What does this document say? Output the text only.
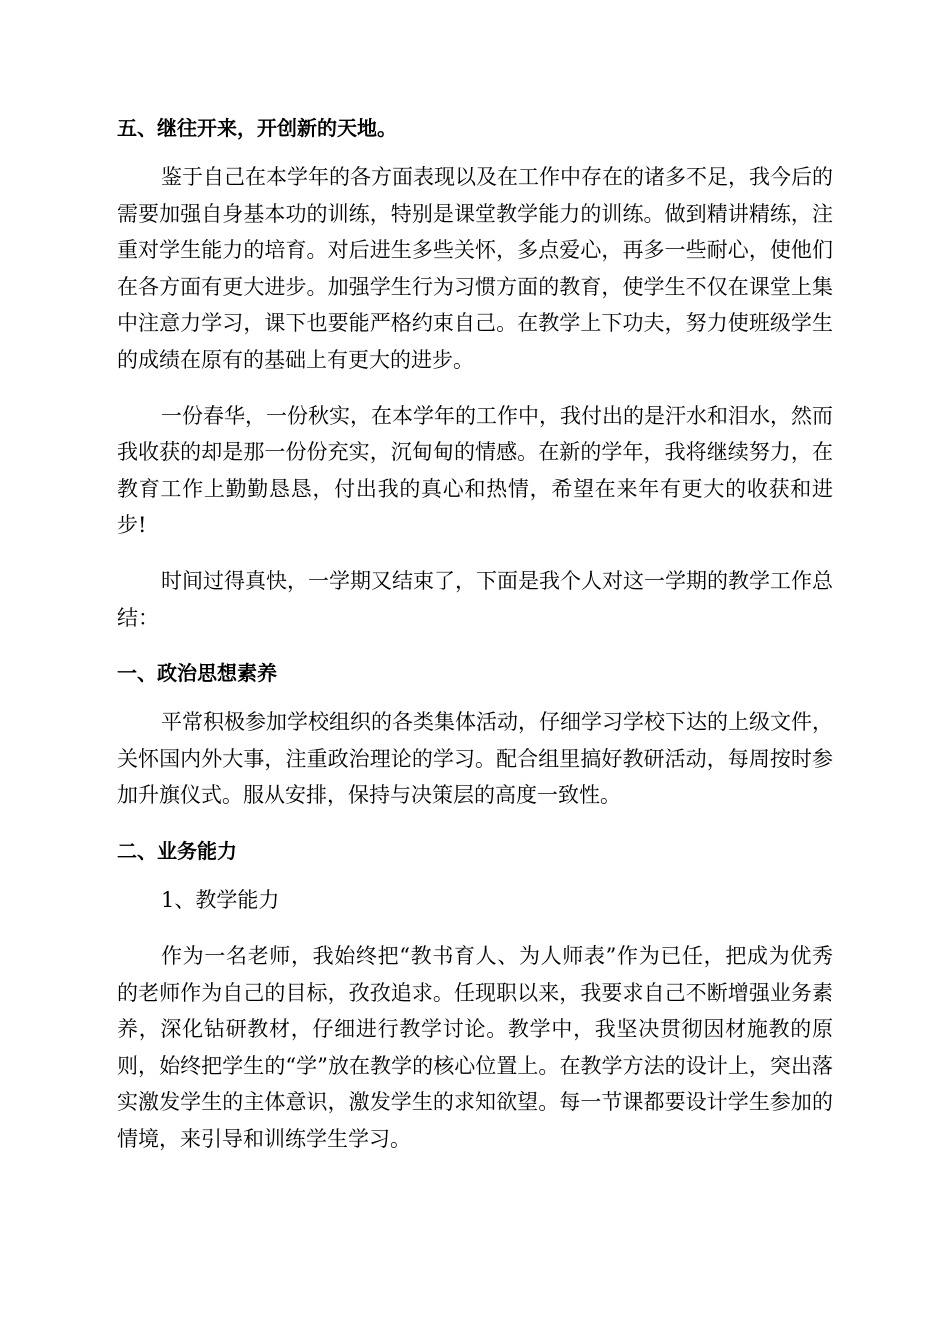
五、继往开来，开创新的天地。

鉴于自己在本学年的各方面表现以及在工作中存在的诸多不足，我今后的需要加强自身基本功的训练，特别是课堂教学能力的训练。做到精讲精练，注重对学生能力的培育。对后进生多些关怀，多点爱心，再多一些耐心，使他们在各方面有更大进步。加强学生行为习惯方面的教育，使学生不仅在课堂上集中注意力学习，课下也要能严格约束自己。在教学上下功夫，努力使班级学生的成绩在原有的基础上有更大的进步。

一份春华，一份秋实，在本学年的工作中，我付出的是汗水和泪水，然而我收获的却是那一份份充实，沉甸甸的情感。在新的学年，我将继续努力，在教育工作上勤勤恳恳，付出我的真心和热情，希望在来年有更大的收获和进步!

时间过得真快，一学期又结束了，下面是我个人对这一学期的教学工作总结：

一、政治思想素养

平常积极参加学校组织的各类集体活动，仔细学习学校下达的上级文件，关怀国内外大事，注重政治理论的学习。配合组里搞好教研活动，每周按时参加升旗仪式。服从安排，保持与决策层的高度一致性。

二、业务能力

1、教学能力

作为一名老师，我始终把“教书育人、为人师表”作为已任，把成为优秀的老师作为自己的目标，孜孜追求。任现职以来，我要求自己不断增强业务素养，深化钻研教材，仔细进行教学讨论。教学中，我坚决贯彻因材施教的原则，始终把学生的“学”放在教学的核心位置上。在教学方法的设计上，突出落实激发学生的主体意识，激发学生的求知欲望。每一节课都要设计学生参加的情境，来引导和训练学生学习。
